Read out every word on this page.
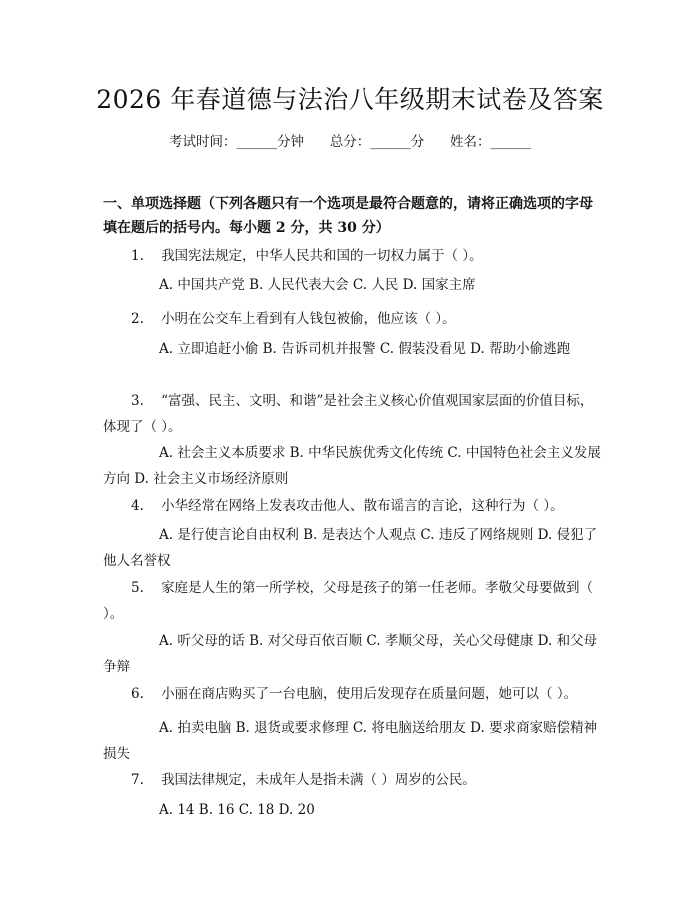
2026 年春道德与法治八年级期末试卷及答案
考试时间：______分钟      总分：______分      姓名：______
一、单项选择题（下列各题只有一个选项是最符合题意的，请将正确选项的字母填在题后的括号内。每小题 2 分，共 30 分）
1.    我国宪法规定，中华人民共和国的一切权力属于（ ）。
A. 中国共产党 B. 人民代表大会 C. 人民 D. 国家主席
2.    小明在公交车上看到有人钱包被偷，他应该（ ）。
A. 立即追赶小偷 B. 告诉司机并报警 C. 假装没看见 D. 帮助小偷逃跑
3.    “富强、民主、文明、和谐”是社会主义核心价值观国家层面的价值目标，体现了（ ）。
A. 社会主义本质要求 B. 中华民族优秀文化传统 C. 中国特色社会主义发展方向 D. 社会主义市场经济原则
4.    小华经常在网络上发表攻击他人、散布谣言的言论，这种行为（ ）。
A. 是行使言论自由权利 B. 是表达个人观点 C. 违反了网络规则 D. 侵犯了他人名誉权
5.    家庭是人生的第一所学校，父母是孩子的第一任老师。孝敬父母要做到（ ）。
A. 听父母的话 B. 对父母百依百顺 C. 孝顺父母，关心父母健康 D. 和父母争辩
6.    小丽在商店购买了一台电脑，使用后发现存在质量问题，她可以（ ）。
A. 拍卖电脑 B. 退货或要求修理 C. 将电脑送给朋友 D. 要求商家赔偿精神损失
7.    我国法律规定，未成年人是指未满（ ）周岁的公民。
A. 14 B. 16 C. 18 D. 20
